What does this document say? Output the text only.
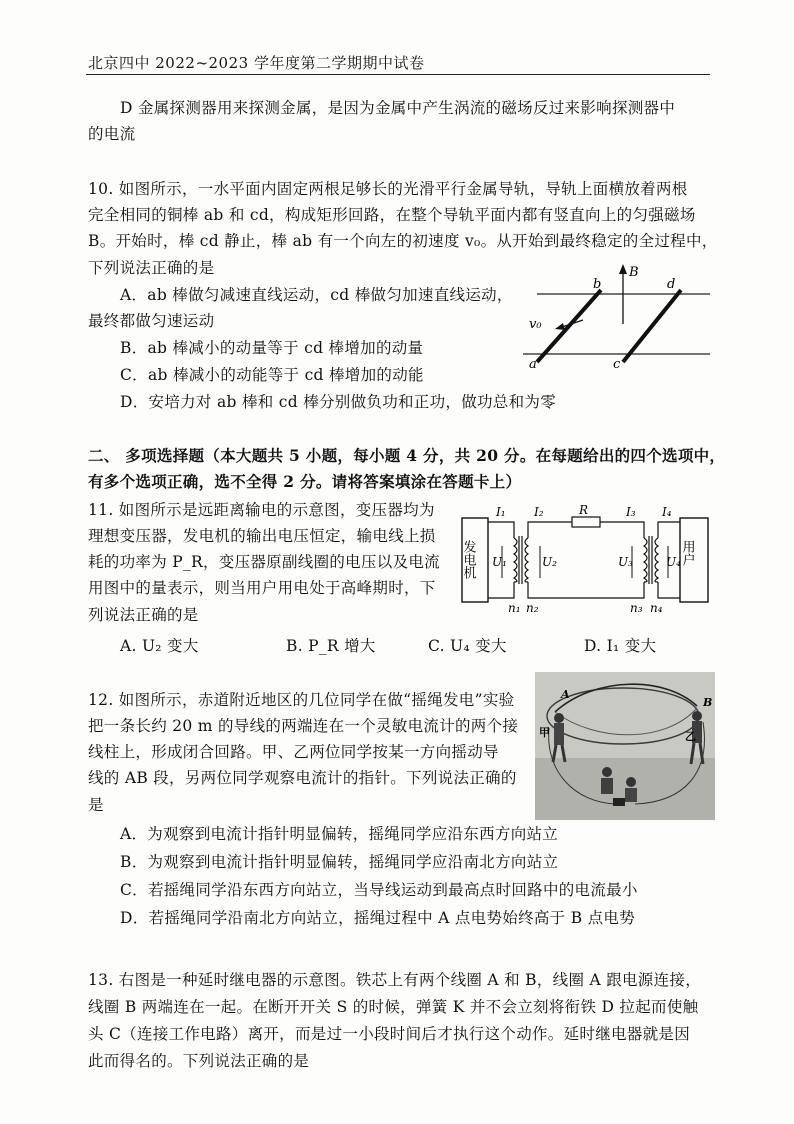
北京四中 2022~2023 学年度第二学期期中试卷
D 金属探测器用来探测金属，是因为金属中产生涡流的磁场反过来影响探测器中
的电流
10. 如图所示，一水平面内固定两根足够长的光滑平行金属导轨，导轨上面横放着两根
完全相同的铜棒 ab 和 cd，构成矩形回路，在整个导轨平面内都有竖直向上的匀强磁场
B。开始时，棒 cd 静止，棒 ab 有一个向左的初速度 v₀。从开始到最终稳定的全过程中，
下列说法正确的是
A．ab 棒做匀减速直线运动，cd 棒做匀加速直线运动，
最终都做匀速运动
B．ab 棒减小的动量等于 cd 棒增加的动量
C．ab 棒减小的动能等于 cd 棒增加的动能
D．安培力对 ab 棒和 cd 棒分别做负功和正功，做功总和为零
B
b	d
a	c
v₀
二、 多项选择题（本大题共 5 小题，每小题 4 分，共 20 分。在每题给出的四个选项中，
有多个选项正确，选不全得 2 分。请将答案填涂在答题卡上）
11. 如图所示是远距离输电的示意图，变压器均为
理想变压器，发电机的输出电压恒定，输电线上损
耗的功率为 P_R，变压器原副线圈的电压以及电流
用图中的量表示，则当用户用电处于高峰期时，下
列说法正确的是
A. U₂ 变大	B. P_R 增大	C. U₄ 变大	D. I₁ 变大
发电机	用户
R
I₁ I₂	I₃ I₄
U₁	U₂	U₃	U₄
n₁ n₂	n₃ n₄
12. 如图所示，赤道附近地区的几位同学在做“摇绳发电”实验
把一条长约 20 m 的导线的两端连在一个灵敏电流计的两个接
线柱上，形成闭合回路。甲、乙两位同学按某一方向摇动导
线的 AB 段，另两位同学观察电流计的指针。下列说法正确的
是
A．为观察到电流计指针明显偏转，摇绳同学应沿东西方向站立
B．为观察到电流计指针明显偏转，摇绳同学应沿南北方向站立
C．若摇绳同学沿东西方向站立，当导线运动到最高点时回路中的电流最小
D．若摇绳同学沿南北方向站立，摇绳过程中 A 点电势始终高于 B 点电势
A
B
甲	乙
13. 右图是一种延时继电器的示意图。铁芯上有两个线圈 A 和 B，线圈 A 跟电源连接，
线圈 B 两端连在一起。在断开开关 S 的时候，弹簧 K 并不会立刻将衔铁 D 拉起而使触
头 C（连接工作电路）离开，而是过一小段时间后才执行这个动作。延时继电器就是因
此而得名的。下列说法正确的是
